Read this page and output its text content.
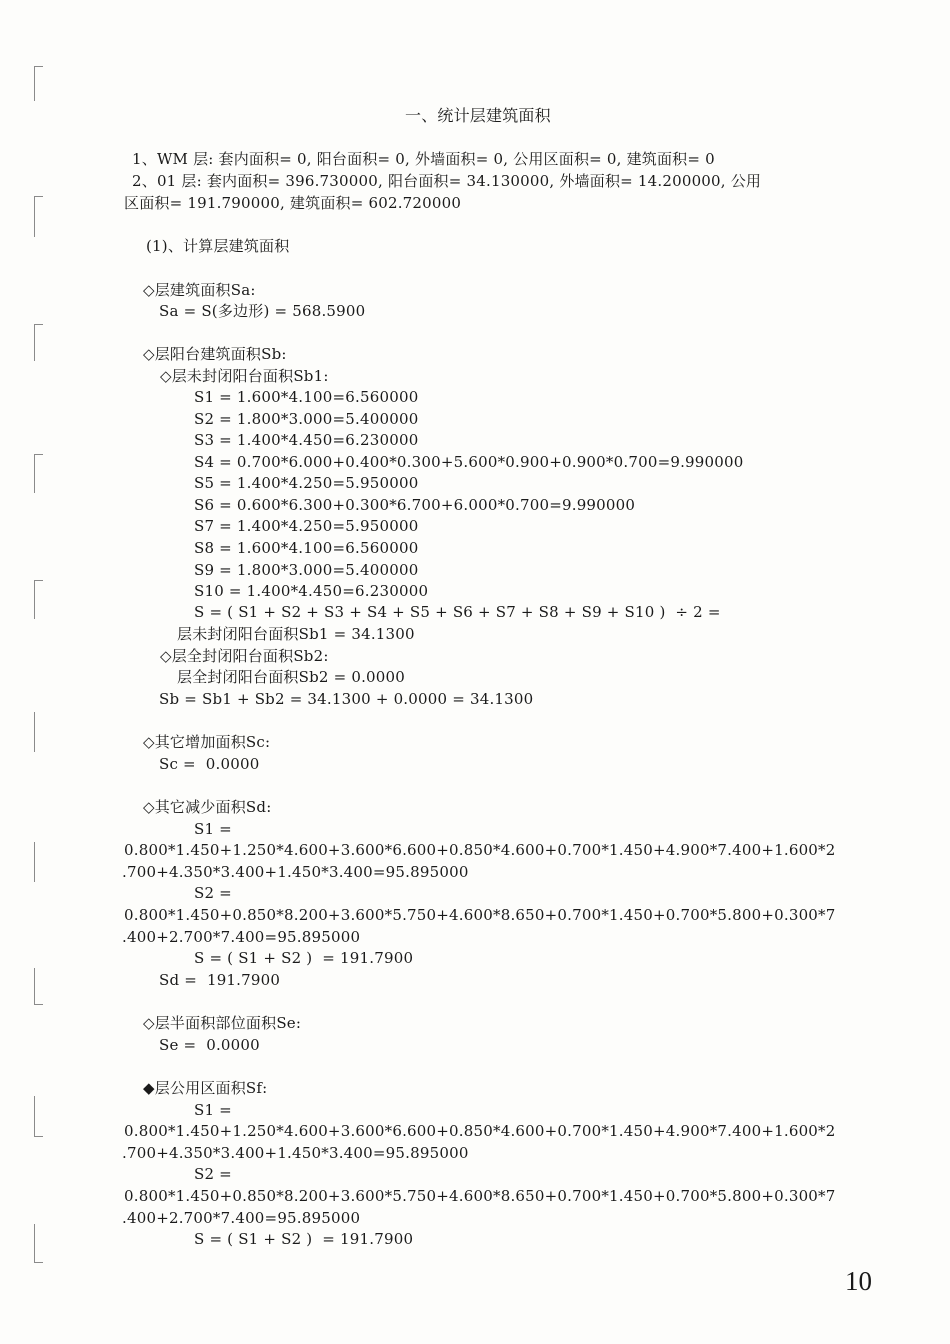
一、统计层建筑面积
1、WM 层: 套内面积= 0, 阳台面积= 0, 外墙面积= 0, 公用区面积= 0, 建筑面积= 0
2、01 层: 套内面积= 396.730000, 阳台面积= 34.130000, 外墙面积= 14.200000, 公用
区面积= 191.790000, 建筑面积= 602.720000
(1)、计算层建筑面积
◇层建筑面积Sa:
Sa = S(多边形) = 568.5900
◇层阳台建筑面积Sb:
◇层未封闭阳台面积Sb1:
S1 = 1.600*4.100=6.560000
S2 = 1.800*3.000=5.400000
S3 = 1.400*4.450=6.230000
S4 = 0.700*6.000+0.400*0.300+5.600*0.900+0.900*0.700=9.990000
S5 = 1.400*4.250=5.950000
S6 = 0.600*6.300+0.300*6.700+6.000*0.700=9.990000
S7 = 1.400*4.250=5.950000
S8 = 1.600*4.100=6.560000
S9 = 1.800*3.000=5.400000
S10 = 1.400*4.450=6.230000
S = ( S1 + S2 + S3 + S4 + S5 + S6 + S7 + S8 + S9 + S10 )  ÷ 2 =
层未封闭阳台面积Sb1 = 34.1300
◇层全封闭阳台面积Sb2:
层全封闭阳台面积Sb2 = 0.0000
Sb = Sb1 + Sb2 = 34.1300 + 0.0000 = 34.1300
◇其它增加面积Sc:
Sc =  0.0000
◇其它减少面积Sd:
S1 =
0.800*1.450+1.250*4.600+3.600*6.600+0.850*4.600+0.700*1.450+4.900*7.400+1.600*2
.700+4.350*3.400+1.450*3.400=95.895000
S2 =
0.800*1.450+0.850*8.200+3.600*5.750+4.600*8.650+0.700*1.450+0.700*5.800+0.300*7
.400+2.700*7.400=95.895000
S = ( S1 + S2 )  = 191.7900
Sd =  191.7900
◇层半面积部位面积Se:
Se =  0.0000
◆层公用区面积Sf:
S1 =
0.800*1.450+1.250*4.600+3.600*6.600+0.850*4.600+0.700*1.450+4.900*7.400+1.600*2
.700+4.350*3.400+1.450*3.400=95.895000
S2 =
0.800*1.450+0.850*8.200+3.600*5.750+4.600*8.650+0.700*1.450+0.700*5.800+0.300*7
.400+2.700*7.400=95.895000
S = ( S1 + S2 )  = 191.7900
10
